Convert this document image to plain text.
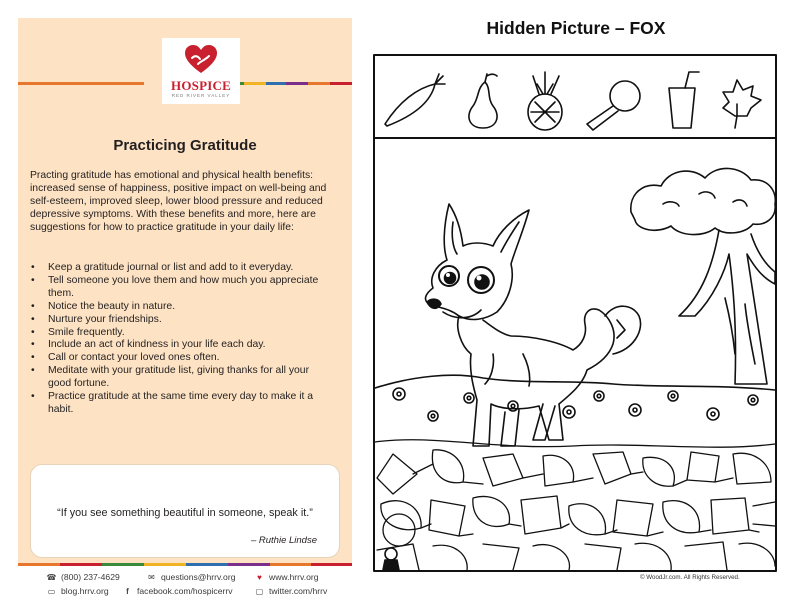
HOSPICE
RED RIVER VALLEY
Practicing Gratitude
Practing gratitude has emotional and physical health benefits: increased sense of happiness, positive impact on well-being and self-esteem, improved sleep, lower blood pressure and reduced depressive symptoms. With these benefits and more, here are suggestions for how to practice gratitude in your daily life:
• Keep a gratitude journal or list and add to it everyday.
• Tell someone you love them and how much you appreciate them.
• Notice the beauty in nature.
• Nurture your friendships.
• Smile frequently.
• Include an act of kindness in your life each day.
• Call or contact your loved ones often.
• Meditate with your gratitude list, giving thanks for all your good fortune.
• Practice gratitude at the same time every day to make it a habit.
“If you see something beautiful in someone, speak it.”
– Ruthie Lindse
☎ (800) 237-4629	✉ questions@hrrv.org	♥ www.hrrv.org
▭ blog.hrrv.org	f facebook.com/hospicerrv	▢ twitter.com/hrrv
Hidden Picture – FOX
© WoodJr.com. All Rights Reserved.
